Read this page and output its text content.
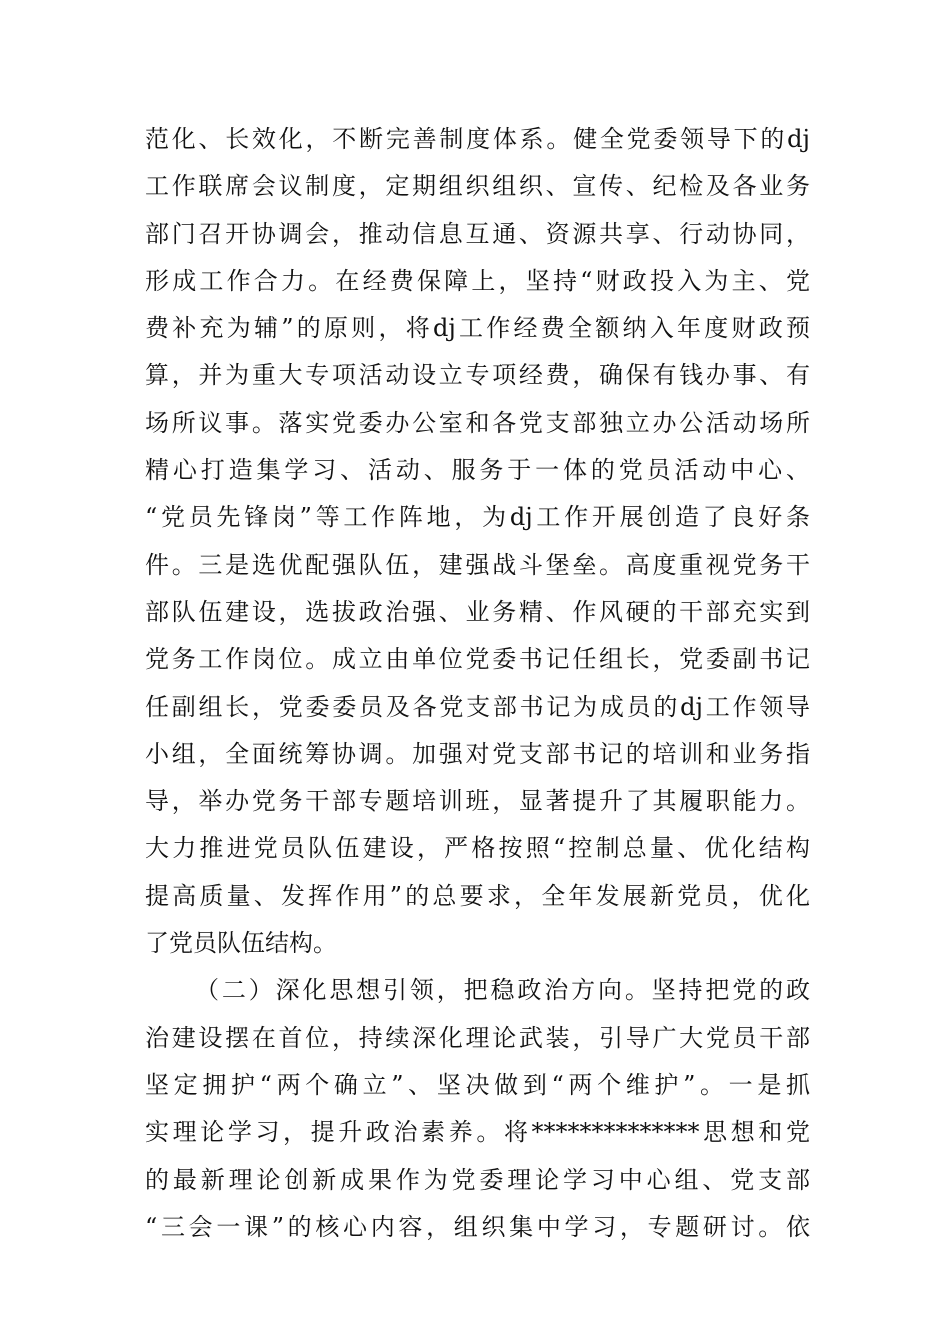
范化、长效化，不断完善制度体系。健全党委领导下的dj
工作联席会议制度，定期组织组织、宣传、纪检及各业务
部门召开协调会，推动信息互通、资源共享、行动协同，
形成工作合力。在经费保障上，坚持“财政投入为主、党
费补充为辅”的原则，将dj工作经费全额纳入年度财政预
算，并为重大专项活动设立专项经费，确保有钱办事、有
场所议事。落实党委办公室和各党支部独立办公活动场所
精心打造集学习、活动、服务于一体的党员活动中心、
“党员先锋岗”等工作阵地，为dj工作开展创造了良好条
件。三是选优配强队伍，建强战斗堡垒。高度重视党务干
部队伍建设，选拔政治强、业务精、作风硬的干部充实到
党务工作岗位。成立由单位党委书记任组长，党委副书记
任副组长，党委委员及各党支部书记为成员的dj工作领导
小组，全面统筹协调。加强对党支部书记的培训和业务指
导，举办党务干部专题培训班，显著提升了其履职能力。
大力推进党员队伍建设，严格按照“控制总量、优化结构
提高质量、发挥作用”的总要求，全年发展新党员，优化
了党员队伍结构。
（二）深化思想引领，把稳政治方向。坚持把党的政
治建设摆在首位，持续深化理论武装，引导广大党员干部
坚定拥护“两个确立”、坚决做到“两个维护”。一是抓
实理论学习，提升政治素养。将**************思想和党
的最新理论创新成果作为党委理论学习中心组、党支部
“三会一课”的核心内容，组织集中学习，专题研讨。依
